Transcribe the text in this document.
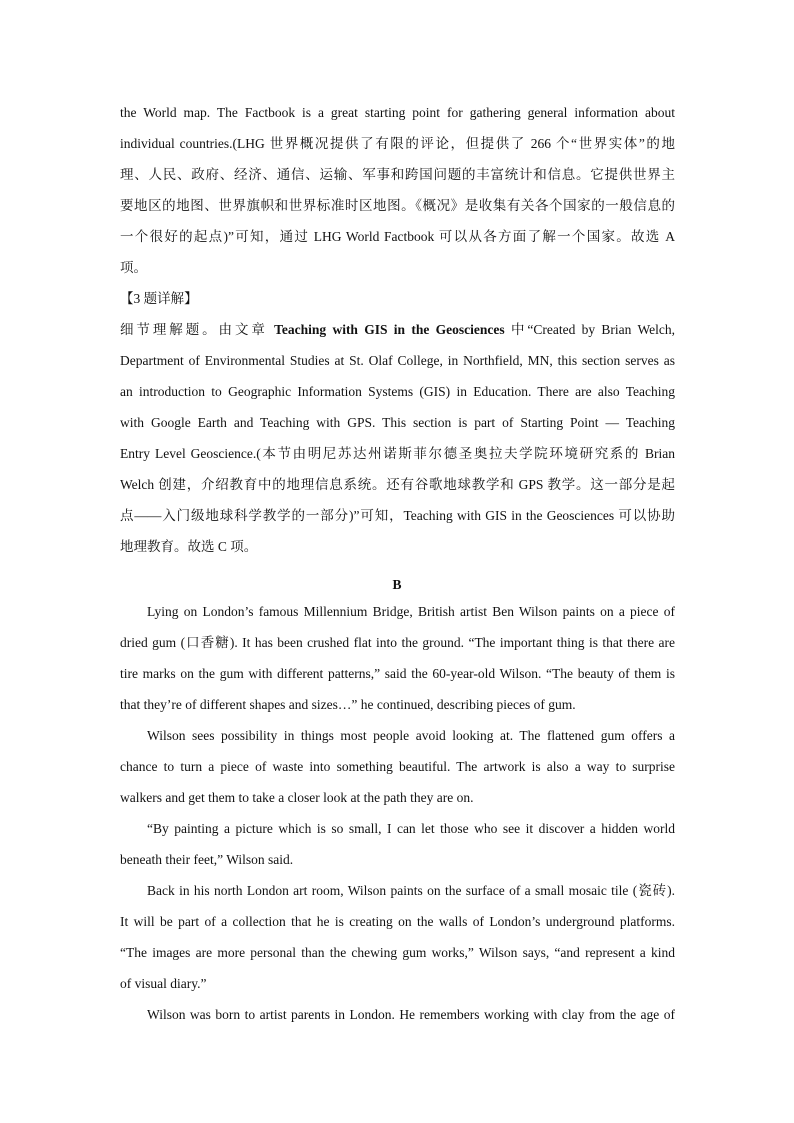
the World map. The Factbook is a great starting point for gathering general information about
individual countries.(LHG 世界概况提供了有限的评论，但提供了 266 个“世界实体”的地
理、人民、政府、经济、通信、运输、军事和跨国问题的丰富统计和信息。它提供世界主
要地区的地图、世界旗帜和世界标准时区地图。《概况》是收集有关各个国家的一般信息的
一个很好的起点)”可知，通过 LHG World Factbook 可以从各方面了解一个国家。故选 A
项。
【3 题详解】
细节理解题。由文章 Teaching with GIS in the Geosciences 中“Created by Brian Welch,
Department of Environmental Studies at St. Olaf College, in Northfield, MN, this section serves as
an introduction to Geographic Information Systems (GIS) in Education. There are also Teaching
with Google Earth and Teaching with GPS. This section is part of Starting Point — Teaching
Entry Level Geoscience.(本节由明尼苏达州诺斯菲尔德圣奥拉夫学院环境研究系的 Brian
Welch 创建，介绍教育中的地理信息系统。还有谷歌地球教学和 GPS 教学。这一部分是起
点——入门级地球科学教学的一部分)”可知，Teaching with GIS in the Geosciences 可以协助
地理教育。故选 C 项。
B
Lying on London’s famous Millennium Bridge, British artist Ben Wilson paints on a piece of
dried gum (口香糖). It has been crushed flat into the ground. “The important thing is that there are
tire marks on the gum with different patterns,” said the 60-year-old Wilson. “The beauty of them is
that they’re of different shapes and sizes…” he continued, describing pieces of gum.
Wilson sees possibility in things most people avoid looking at. The flattened gum offers a
chance to turn a piece of waste into something beautiful. The artwork is also a way to surprise
walkers and get them to take a closer look at the path they are on.
“By painting a picture which is so small, I can let those who see it discover a hidden world
beneath their feet,” Wilson said.
Back in his north London art room, Wilson paints on the surface of a small mosaic tile (瓷砖).
It will be part of a collection that he is creating on the walls of London’s underground platforms.
“The images are more personal than the chewing gum works,” Wilson says, “and represent a kind
of visual diary.”
Wilson was born to artist parents in London. He remembers working with clay from the age of
